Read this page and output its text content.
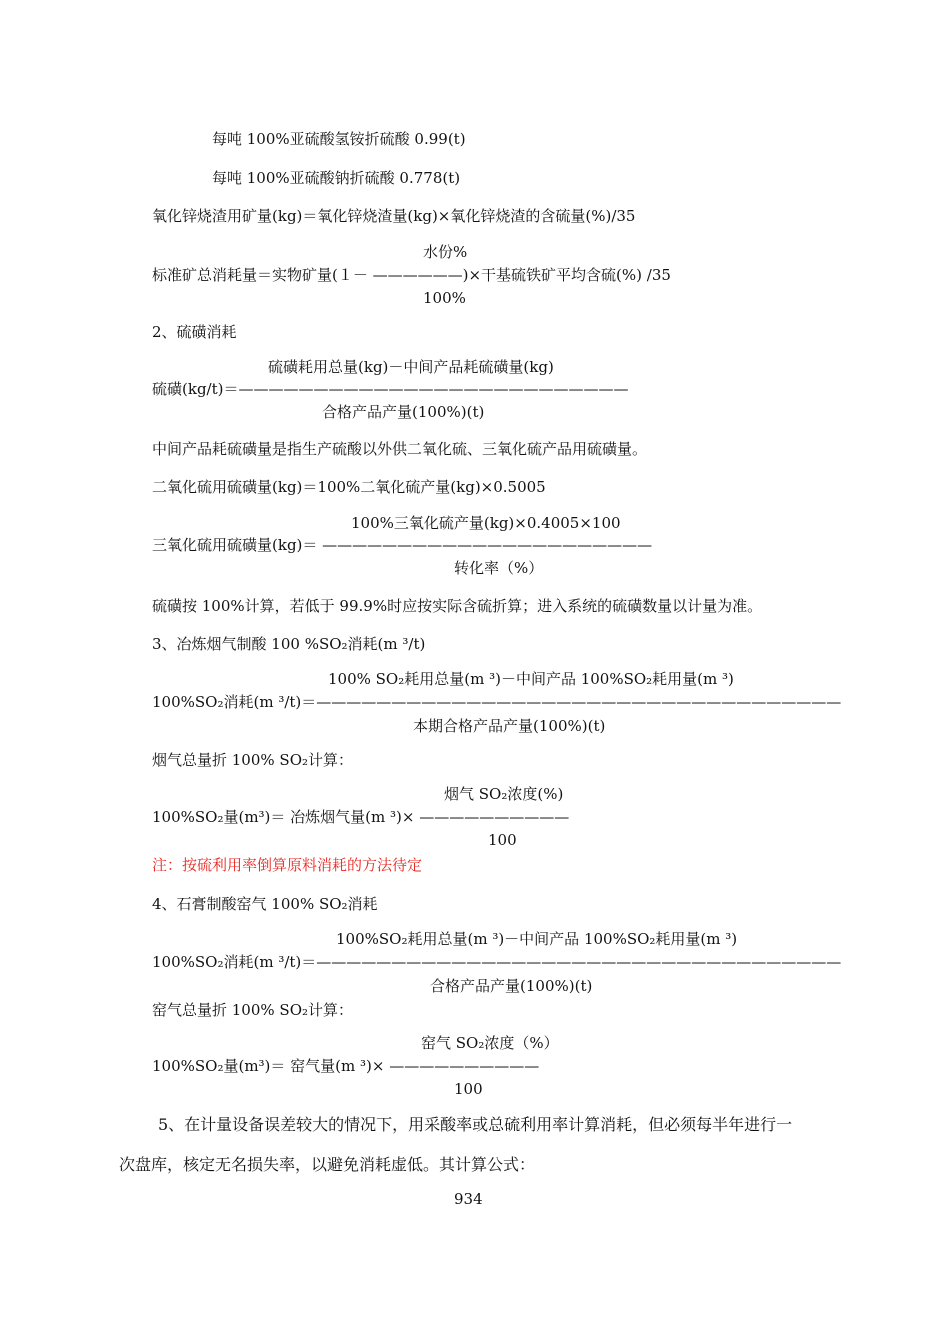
每吨 100%亚硫酸氢铵折硫酸 0.99(t)
每吨 100%亚硫酸钠折硫酸 0.778(t)
氧化锌烧渣用矿量(kg)＝氧化锌烧渣量(kg)×氧化锌烧渣的含硫量(%)/35
水份%
标准矿总消耗量＝实物矿量(１－ ——————)×干基硫铁矿平均含硫(%) /35
100%
2、硫磺消耗
硫磺耗用总量(kg)－中间产品耗硫磺量(kg)
硫磺(kg/t)＝——————————————————————————
合格产品产量(100%)(t)
中间产品耗硫磺量是指生产硫酸以外供二氧化硫、三氧化硫产品用硫磺量。
二氧化硫用硫磺量(kg)＝100%二氧化硫产量(kg)×0.5005
100%三氧化硫产量(kg)×0.4005×100
三氧化硫用硫磺量(kg)＝ ——————————————————————
转化率（%）
硫磺按 100%计算，若低于 99.9%时应按实际含硫折算；进入系统的硫磺数量以计量为准。
3、冶炼烟气制酸 100 %SO₂消耗(m ³/t)
100% SO₂耗用总量(m ³)－中间产品 100%SO₂耗用量(m ³)
100%SO₂消耗(m ³/t)＝———————————————————————————————————
本期合格产品产量(100%)(t)
烟气总量折 100% SO₂计算：
烟气 SO₂浓度(%)
100%SO₂量(m³)＝ 冶炼烟气量(m ³)× ——————————
100
注：按硫利用率倒算原料消耗的方法待定
4、石膏制酸窑气 100% SO₂消耗
100%SO₂耗用总量(m ³)－中间产品 100%SO₂耗用量(m ³)
100%SO₂消耗(m ³/t)＝———————————————————————————————————
合格产品产量(100%)(t)
窑气总量折 100% SO₂计算：
窑气 SO₂浓度（%）
100%SO₂量(m³)＝ 窑气量(m ³)× ——————————
100
5、在计量设备误差较大的情况下，用采酸率或总硫利用率计算消耗，但必须每半年进行一
次盘库，核定无名损失率，以避免消耗虚低。其计算公式：
934
